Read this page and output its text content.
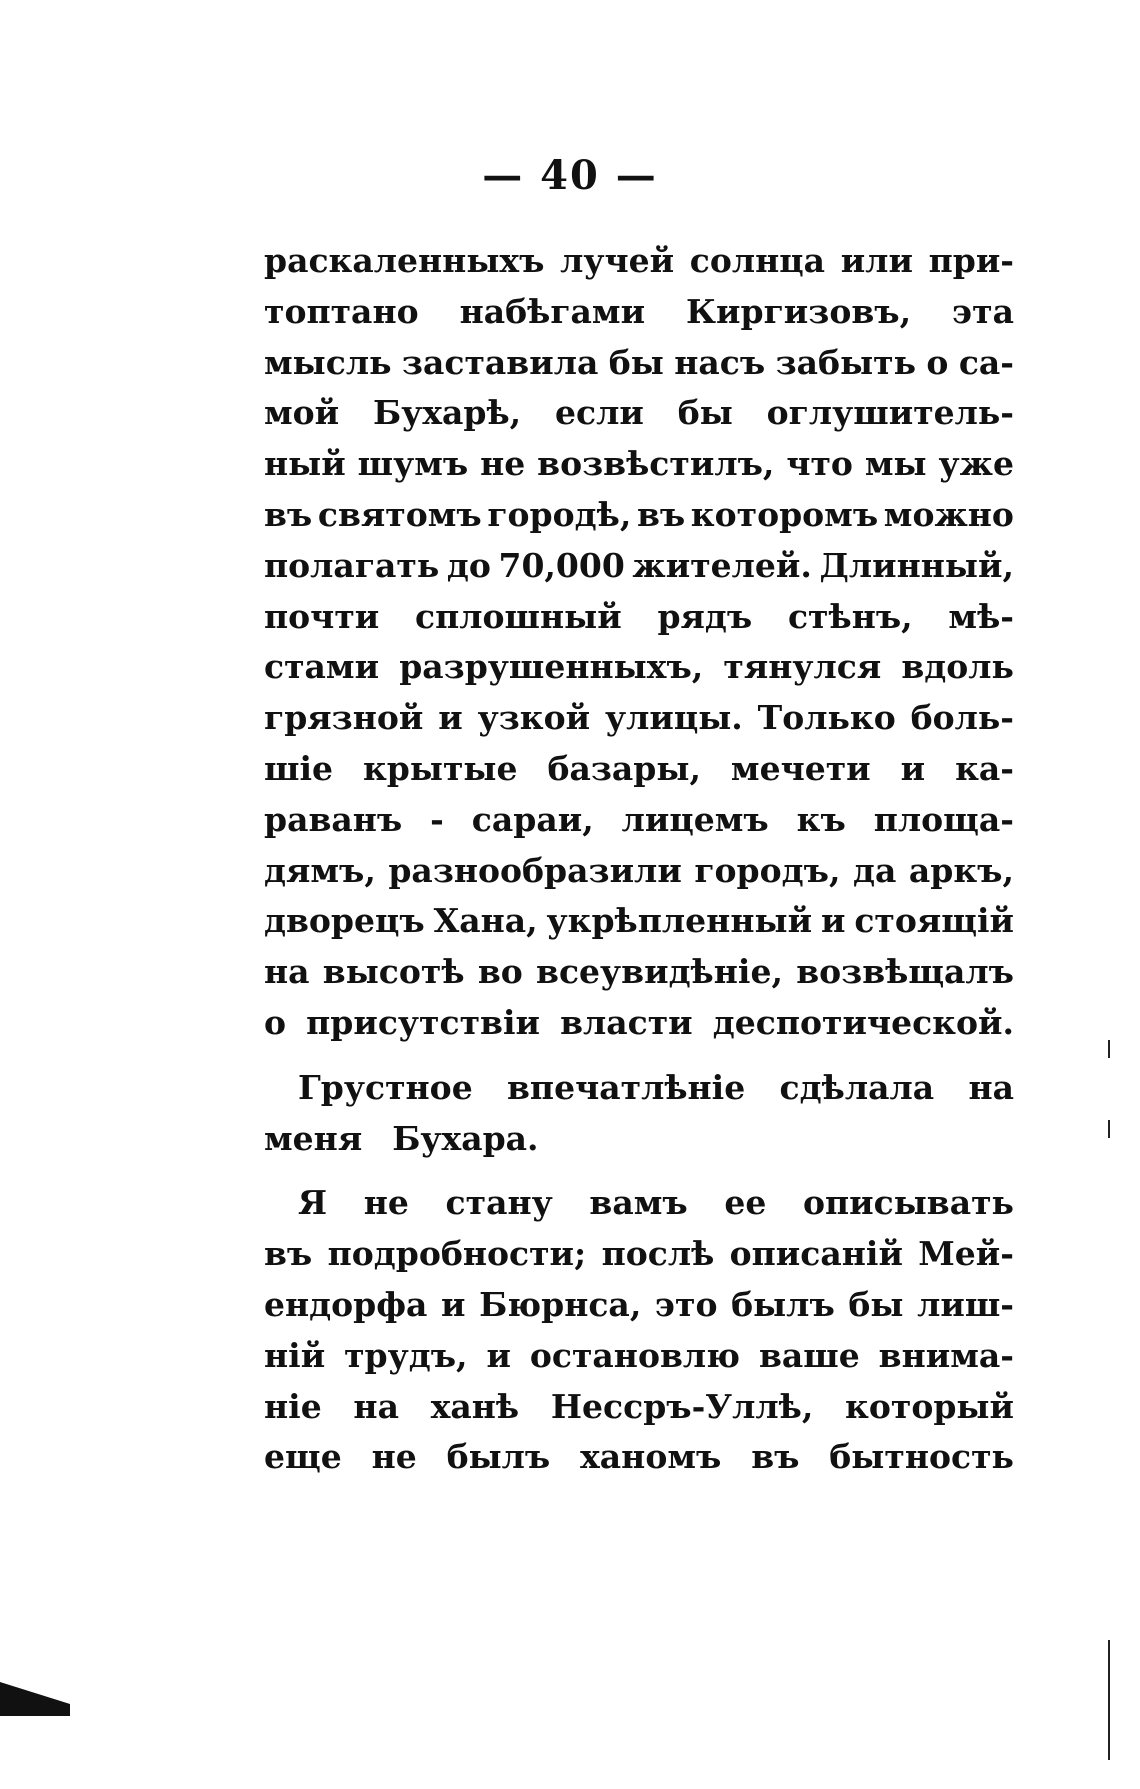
— 40 —
раскаленныхъ лучей солнца или при-
топтано набѣгами Киргизовъ, эта
мысль заставила бы насъ забыть о са-
мой Бухарѣ, если бы оглушитель-
ный шумъ не возвѣстилъ, что мы уже
въ святомъ городѣ, въ которомъ можно
полагать до 70,000 жителей. Длинный,
почти сплошный рядъ стѣнъ, мѣ-
стами разрушенныхъ, тянулся вдоль
грязной и узкой улицы. Только боль-
шіе крытые базары, мечети и ка-
раванъ - сараи, лицемъ къ площа-
дямъ, разнообразили городъ, да аркъ,
дворецъ Хана, укрѣпленный и стоящій
на высотѣ во всеувидѣніе, возвѣщалъ
о присутствіи власти деспотической.
Грустное впечатлѣніе сдѣлала на
меня Бухара.
Я не стану вамъ ее описывать
въ подробности; послѣ описаній Мей-
ендорфа и Бюрнса, это былъ бы лиш-
ній трудъ, и остановлю ваше внима-
ніе на ханѣ Нессръ-Уллѣ, который
еще не былъ ханомъ въ бытность
